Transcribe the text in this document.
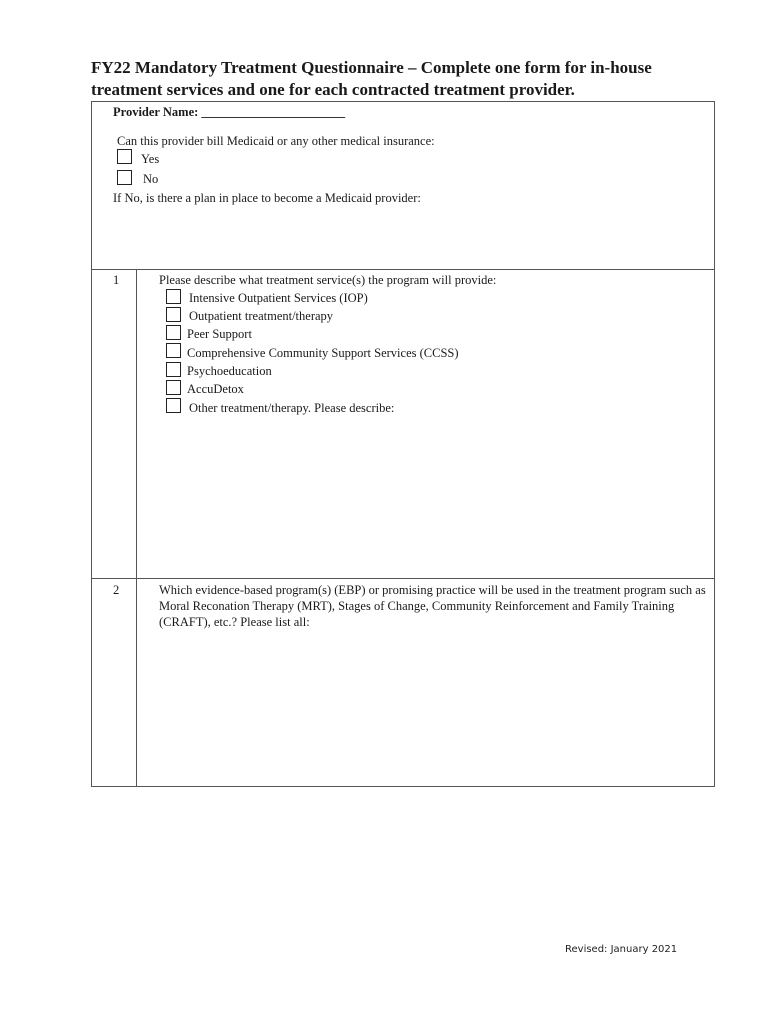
FY22 Mandatory Treatment Questionnaire – Complete one form for in-house treatment services and one for each contracted treatment provider.
Provider Name: _______________________
Can this provider bill Medicaid or any other medical insurance:
Yes
No
If No, is there a plan in place to become a Medicaid provider:
1	Please describe what treatment service(s) the program will provide:
Intensive Outpatient Services (IOP)
Outpatient treatment/therapy
Peer Support
Comprehensive Community Support Services (CCSS)
Psychoeducation
AccuDetox
Other treatment/therapy. Please describe:
2	Which evidence-based program(s) (EBP) or promising practice will be used in the treatment program such as Moral Reconation Therapy (MRT), Stages of Change, Community Reinforcement and Family Training (CRAFT), etc.? Please list all:
Revised: January 2021
